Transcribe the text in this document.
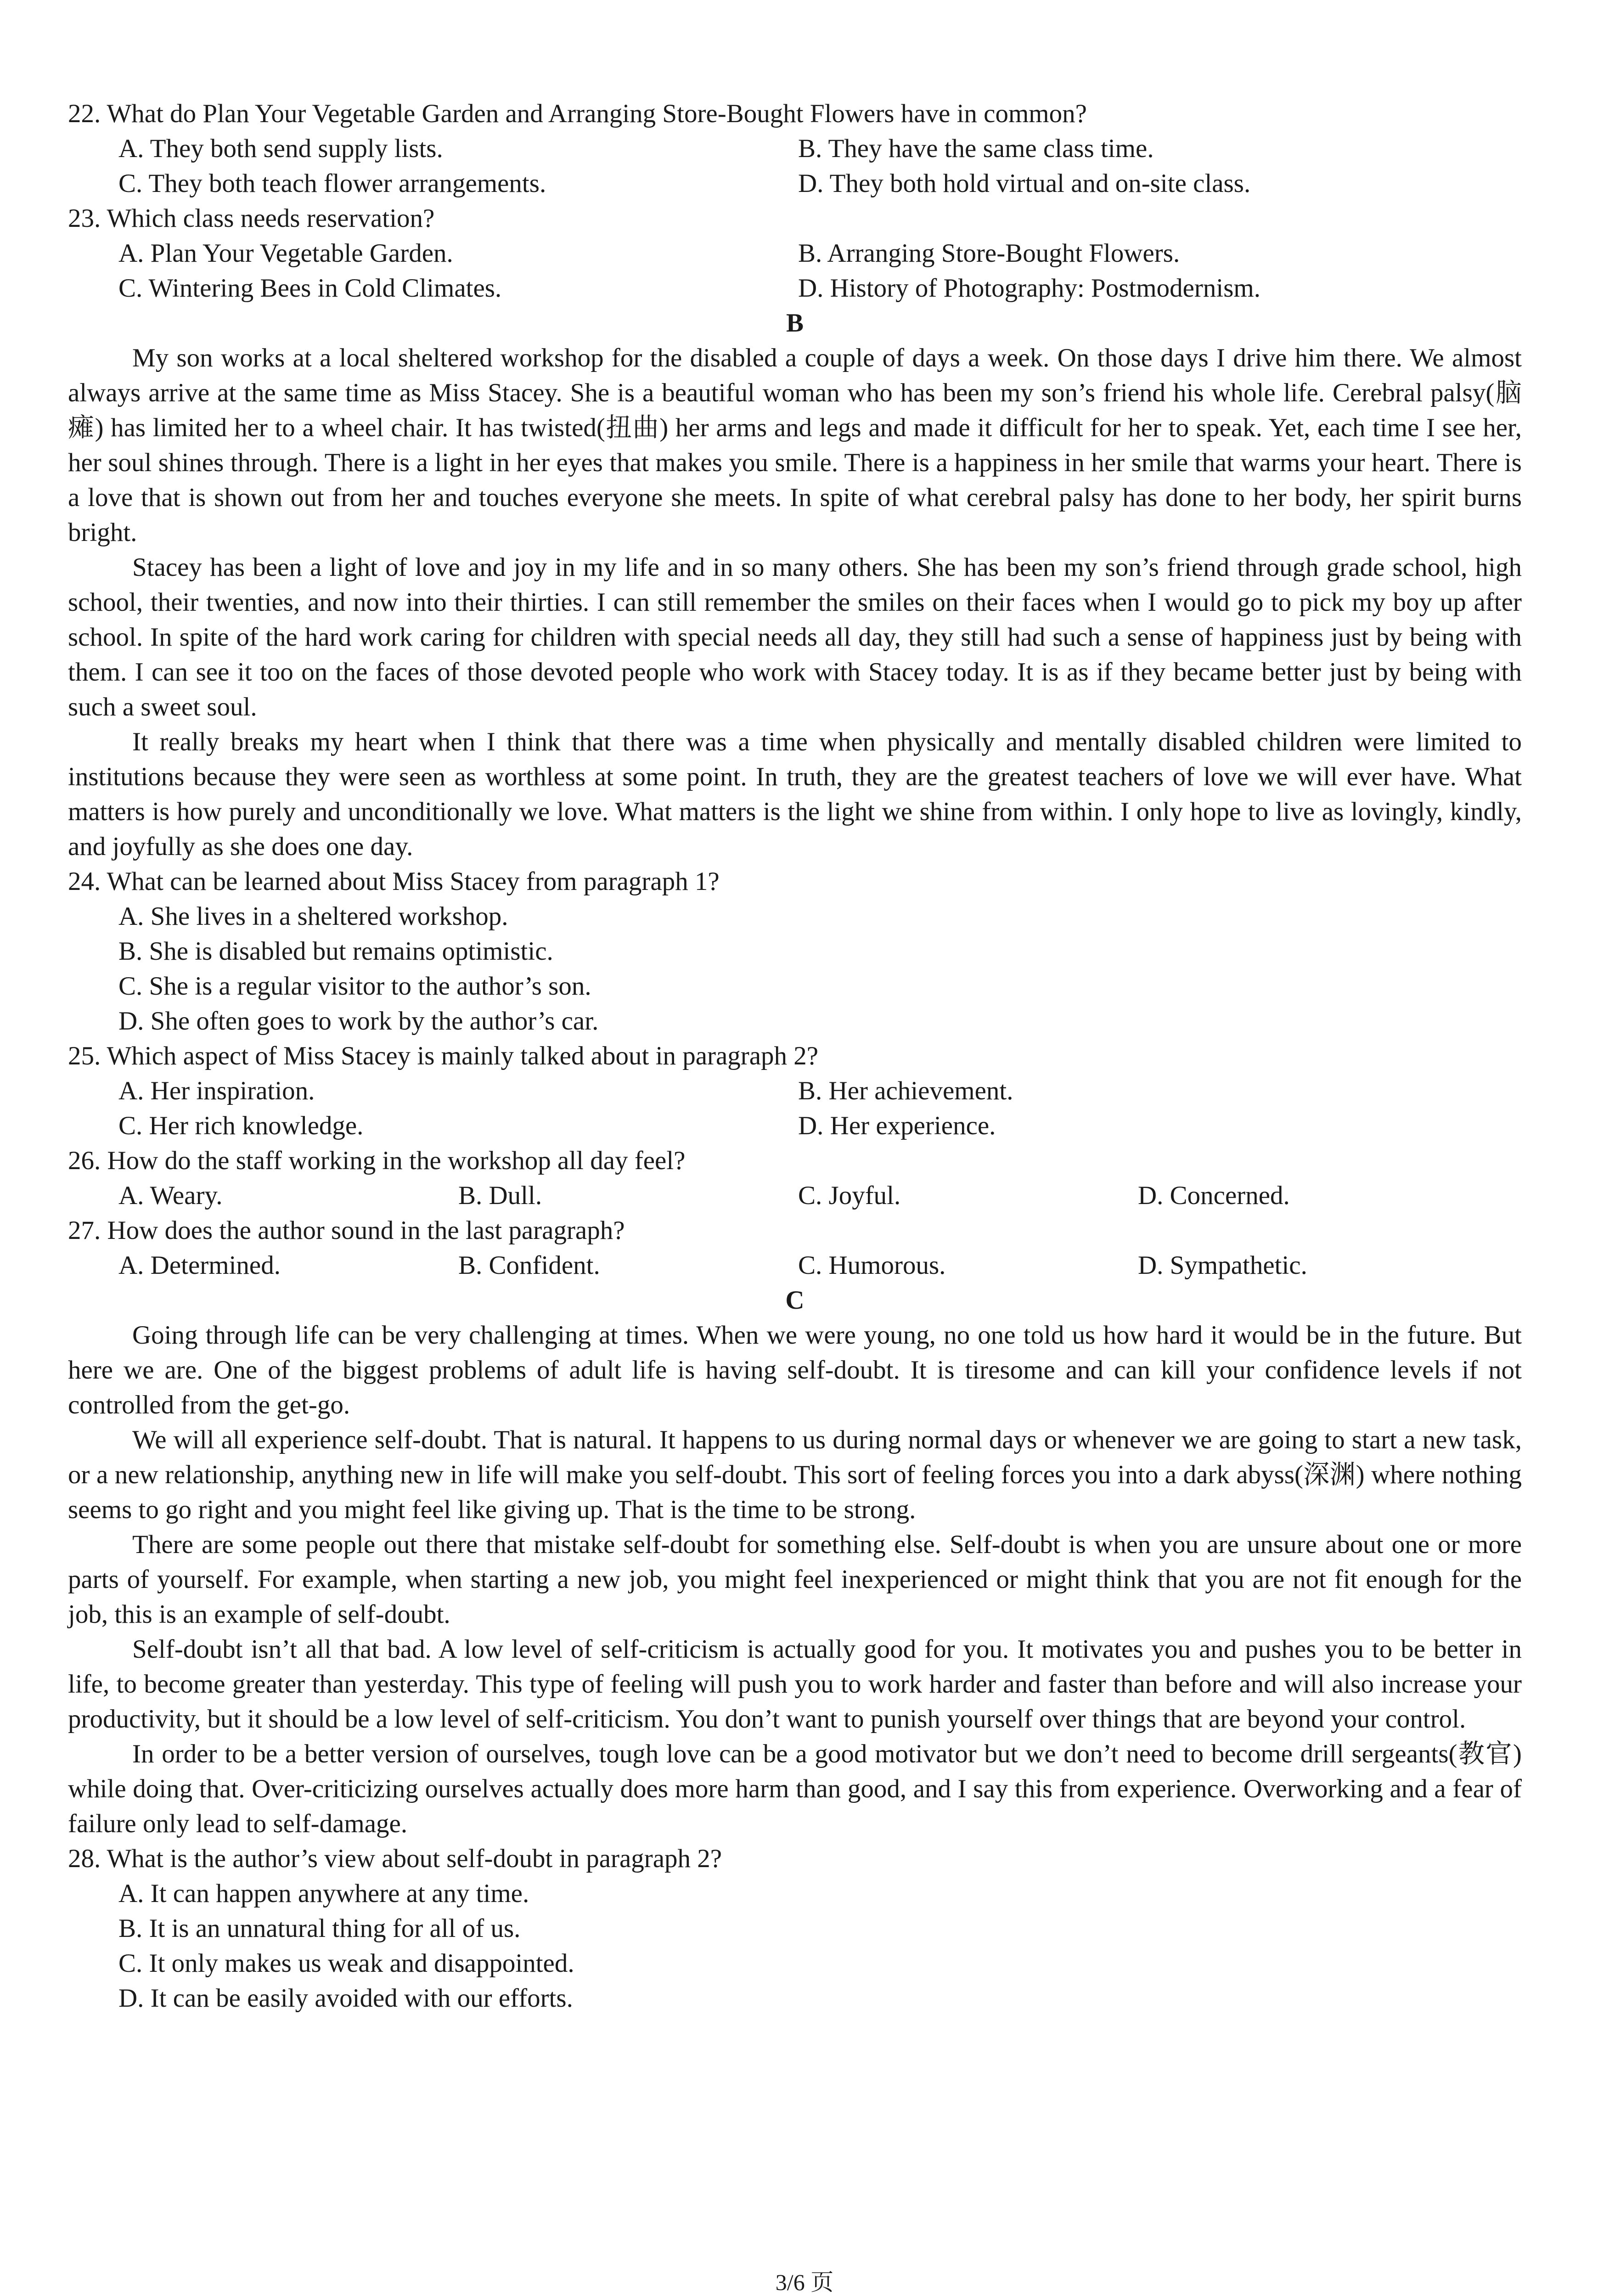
22. What do Plan Your Vegetable Garden and Arranging Store-Bought Flowers have in common?
A. They both send supply lists.	B. They have the same class time.
C. They both teach flower arrangements.	D. They both hold virtual and on-site class.
23. Which class needs reservation?
A. Plan Your Vegetable Garden.	B. Arranging Store-Bought Flowers.
C. Wintering Bees in Cold Climates.	D. History of Photography: Postmodernism.
B
My son works at a local sheltered workshop for the disabled a couple of days a week. On those days I drive him there. We almost always arrive at the same time as Miss Stacey. She is a beautiful woman who has been my son’s friend his whole life. Cerebral palsy(脑瘫) has limited her to a wheel chair. It has twisted(扭曲) her arms and legs and made it difficult for her to speak. Yet, each time I see her, her soul shines through. There is a light in her eyes that makes you smile. There is a happiness in her smile that warms your heart. There is a love that is shown out from her and touches everyone she meets. In spite of what cerebral palsy has done to her body, her spirit burns bright.
Stacey has been a light of love and joy in my life and in so many others. She has been my son’s friend through grade school, high school, their twenties, and now into their thirties. I can still remember the smiles on their faces when I would go to pick my boy up after school. In spite of the hard work caring for children with special needs all day, they still had such a sense of happiness just by being with them. I can see it too on the faces of those devoted people who work with Stacey today. It is as if they became better just by being with such a sweet soul.
It really breaks my heart when I think that there was a time when physically and mentally disabled children were limited to institutions because they were seen as worthless at some point. In truth, they are the greatest teachers of love we will ever have. What matters is how purely and unconditionally we love. What matters is the light we shine from within. I only hope to live as lovingly, kindly, and joyfully as she does one day.
24. What can be learned about Miss Stacey from paragraph 1?
A. She lives in a sheltered workshop.
B. She is disabled but remains optimistic.
C. She is a regular visitor to the author’s son.
D. She often goes to work by the author’s car.
25. Which aspect of Miss Stacey is mainly talked about in paragraph 2?
A. Her inspiration.	B. Her achievement.
C. Her rich knowledge.	D. Her experience.
26. How do the staff working in the workshop all day feel?
A. Weary.	B. Dull.	C. Joyful.	D. Concerned.
27. How does the author sound in the last paragraph?
A. Determined.	B. Confident.	C. Humorous.	D. Sympathetic.
C
Going through life can be very challenging at times. When we were young, no one told us how hard it would be in the future. But here we are. One of the biggest problems of adult life is having self-doubt. It is tiresome and can kill your confidence levels if not controlled from the get-go.
We will all experience self-doubt. That is natural. It happens to us during normal days or whenever we are going to start a new task, or a new relationship, anything new in life will make you self-doubt. This sort of feeling forces you into a dark abyss(深渊) where nothing seems to go right and you might feel like giving up. That is the time to be strong.
There are some people out there that mistake self-doubt for something else. Self-doubt is when you are unsure about one or more parts of yourself. For example, when starting a new job, you might feel inexperienced or might think that you are not fit enough for the job, this is an example of self-doubt.
Self-doubt isn’t all that bad. A low level of self-criticism is actually good for you. It motivates you and pushes you to be better in life, to become greater than yesterday. This type of feeling will push you to work harder and faster than before and will also increase your productivity, but it should be a low level of self-criticism. You don’t want to punish yourself over things that are beyond your control.
In order to be a better version of ourselves, tough love can be a good motivator but we don’t need to become drill sergeants(教官) while doing that. Over-criticizing ourselves actually does more harm than good, and I say this from experience. Overworking and a fear of failure only lead to self-damage.
28. What is the author’s view about self-doubt in paragraph 2?
A. It can happen anywhere at any time.
B. It is an unnatural thing for all of us.
C. It only makes us weak and disappointed.
D. It can be easily avoided with our efforts.
3/6 页
